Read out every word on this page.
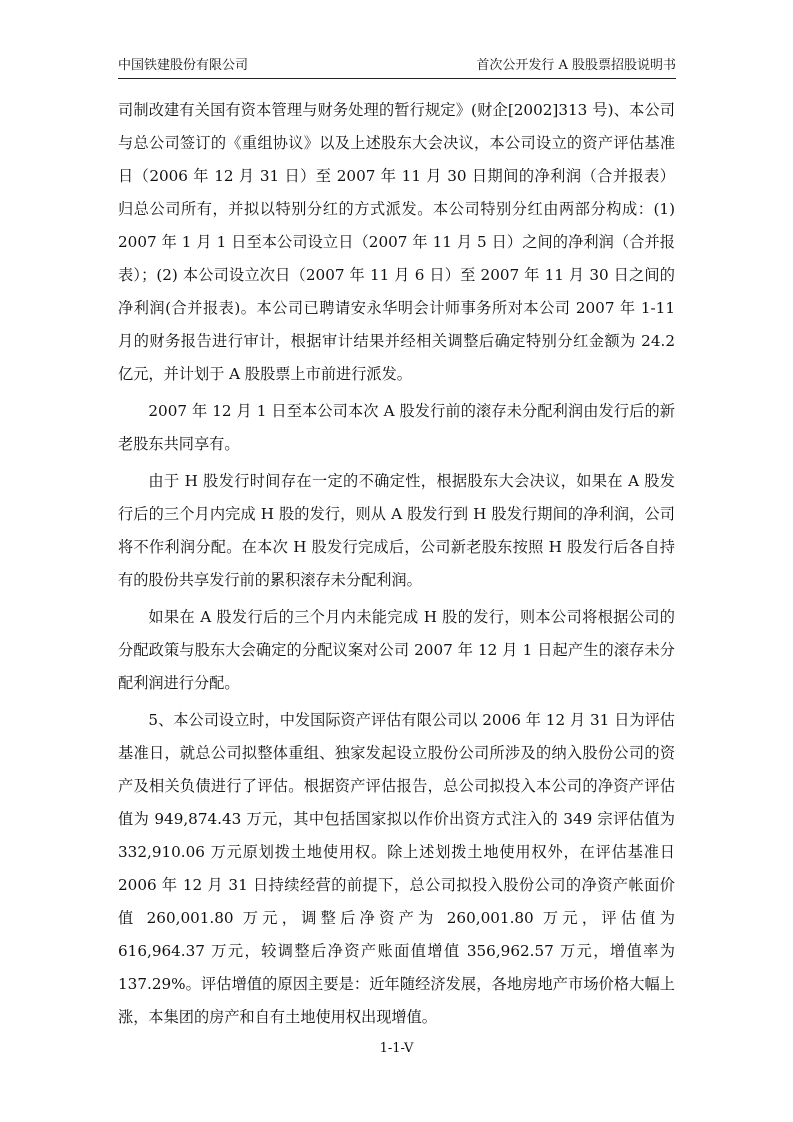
中国铁建股份有限公司	首次公开发行 A 股股票招股说明书

司制改建有关国有资本管理与财务处理的暂行规定》(财企[2002]313 号)、本公司与总公司签订的《重组协议》以及上述股东大会决议，本公司设立的资产评估基准日（2006 年 12 月 31 日）至 2007 年 11 月 30 日期间的净利润（合并报表）归总公司所有，并拟以特别分红的方式派发。本公司特别分红由两部分构成：(1) 2007 年 1 月 1 日至本公司设立日（2007 年 11 月 5 日）之间的净利润（合并报表）；(2) 本公司设立次日（2007 年 11 月 6 日）至 2007 年 11 月 30 日之间的净利润(合并报表)。本公司已聘请安永华明会计师事务所对本公司 2007 年 1-11 月的财务报告进行审计，根据审计结果并经相关调整后确定特别分红金额为 24.2 亿元，并计划于 A 股股票上市前进行派发。

2007 年 12 月 1 日至本公司本次 A 股发行前的滚存未分配利润由发行后的新老股东共同享有。

由于 H 股发行时间存在一定的不确定性，根据股东大会决议，如果在 A 股发行后的三个月内完成 H 股的发行，则从 A 股发行到 H 股发行期间的净利润，公司将不作利润分配。在本次 H 股发行完成后，公司新老股东按照 H 股发行后各自持有的股份共享发行前的累积滚存未分配利润。

如果在 A 股发行后的三个月内未能完成 H 股的发行，则本公司将根据公司的分配政策与股东大会确定的分配议案对公司 2007 年 12 月 1 日起产生的滚存未分配利润进行分配。

5、本公司设立时，中发国际资产评估有限公司以 2006 年 12 月 31 日为评估基准日，就总公司拟整体重组、独家发起设立股份公司所涉及的纳入股份公司的资产及相关负债进行了评估。根据资产评估报告，总公司拟投入本公司的净资产评估值为 949,874.43 万元，其中包括国家拟以作价出资方式注入的 349 宗评估值为 332,910.06 万元原划拨土地使用权。除上述划拨土地使用权外，在评估基准日 2006 年 12 月 31 日持续经营的前提下，总公司拟投入股份公司的净资产帐面价值 260,001.80 万元，调整后净资产为 260,001.80 万元，评估值为 616,964.37 万元，较调整后净资产账面值增值 356,962.57 万元，增值率为 137.29%。评估增值的原因主要是：近年随经济发展，各地房地产市场价格大幅上涨，本集团的房产和自有土地使用权出现增值。

1-1-V
